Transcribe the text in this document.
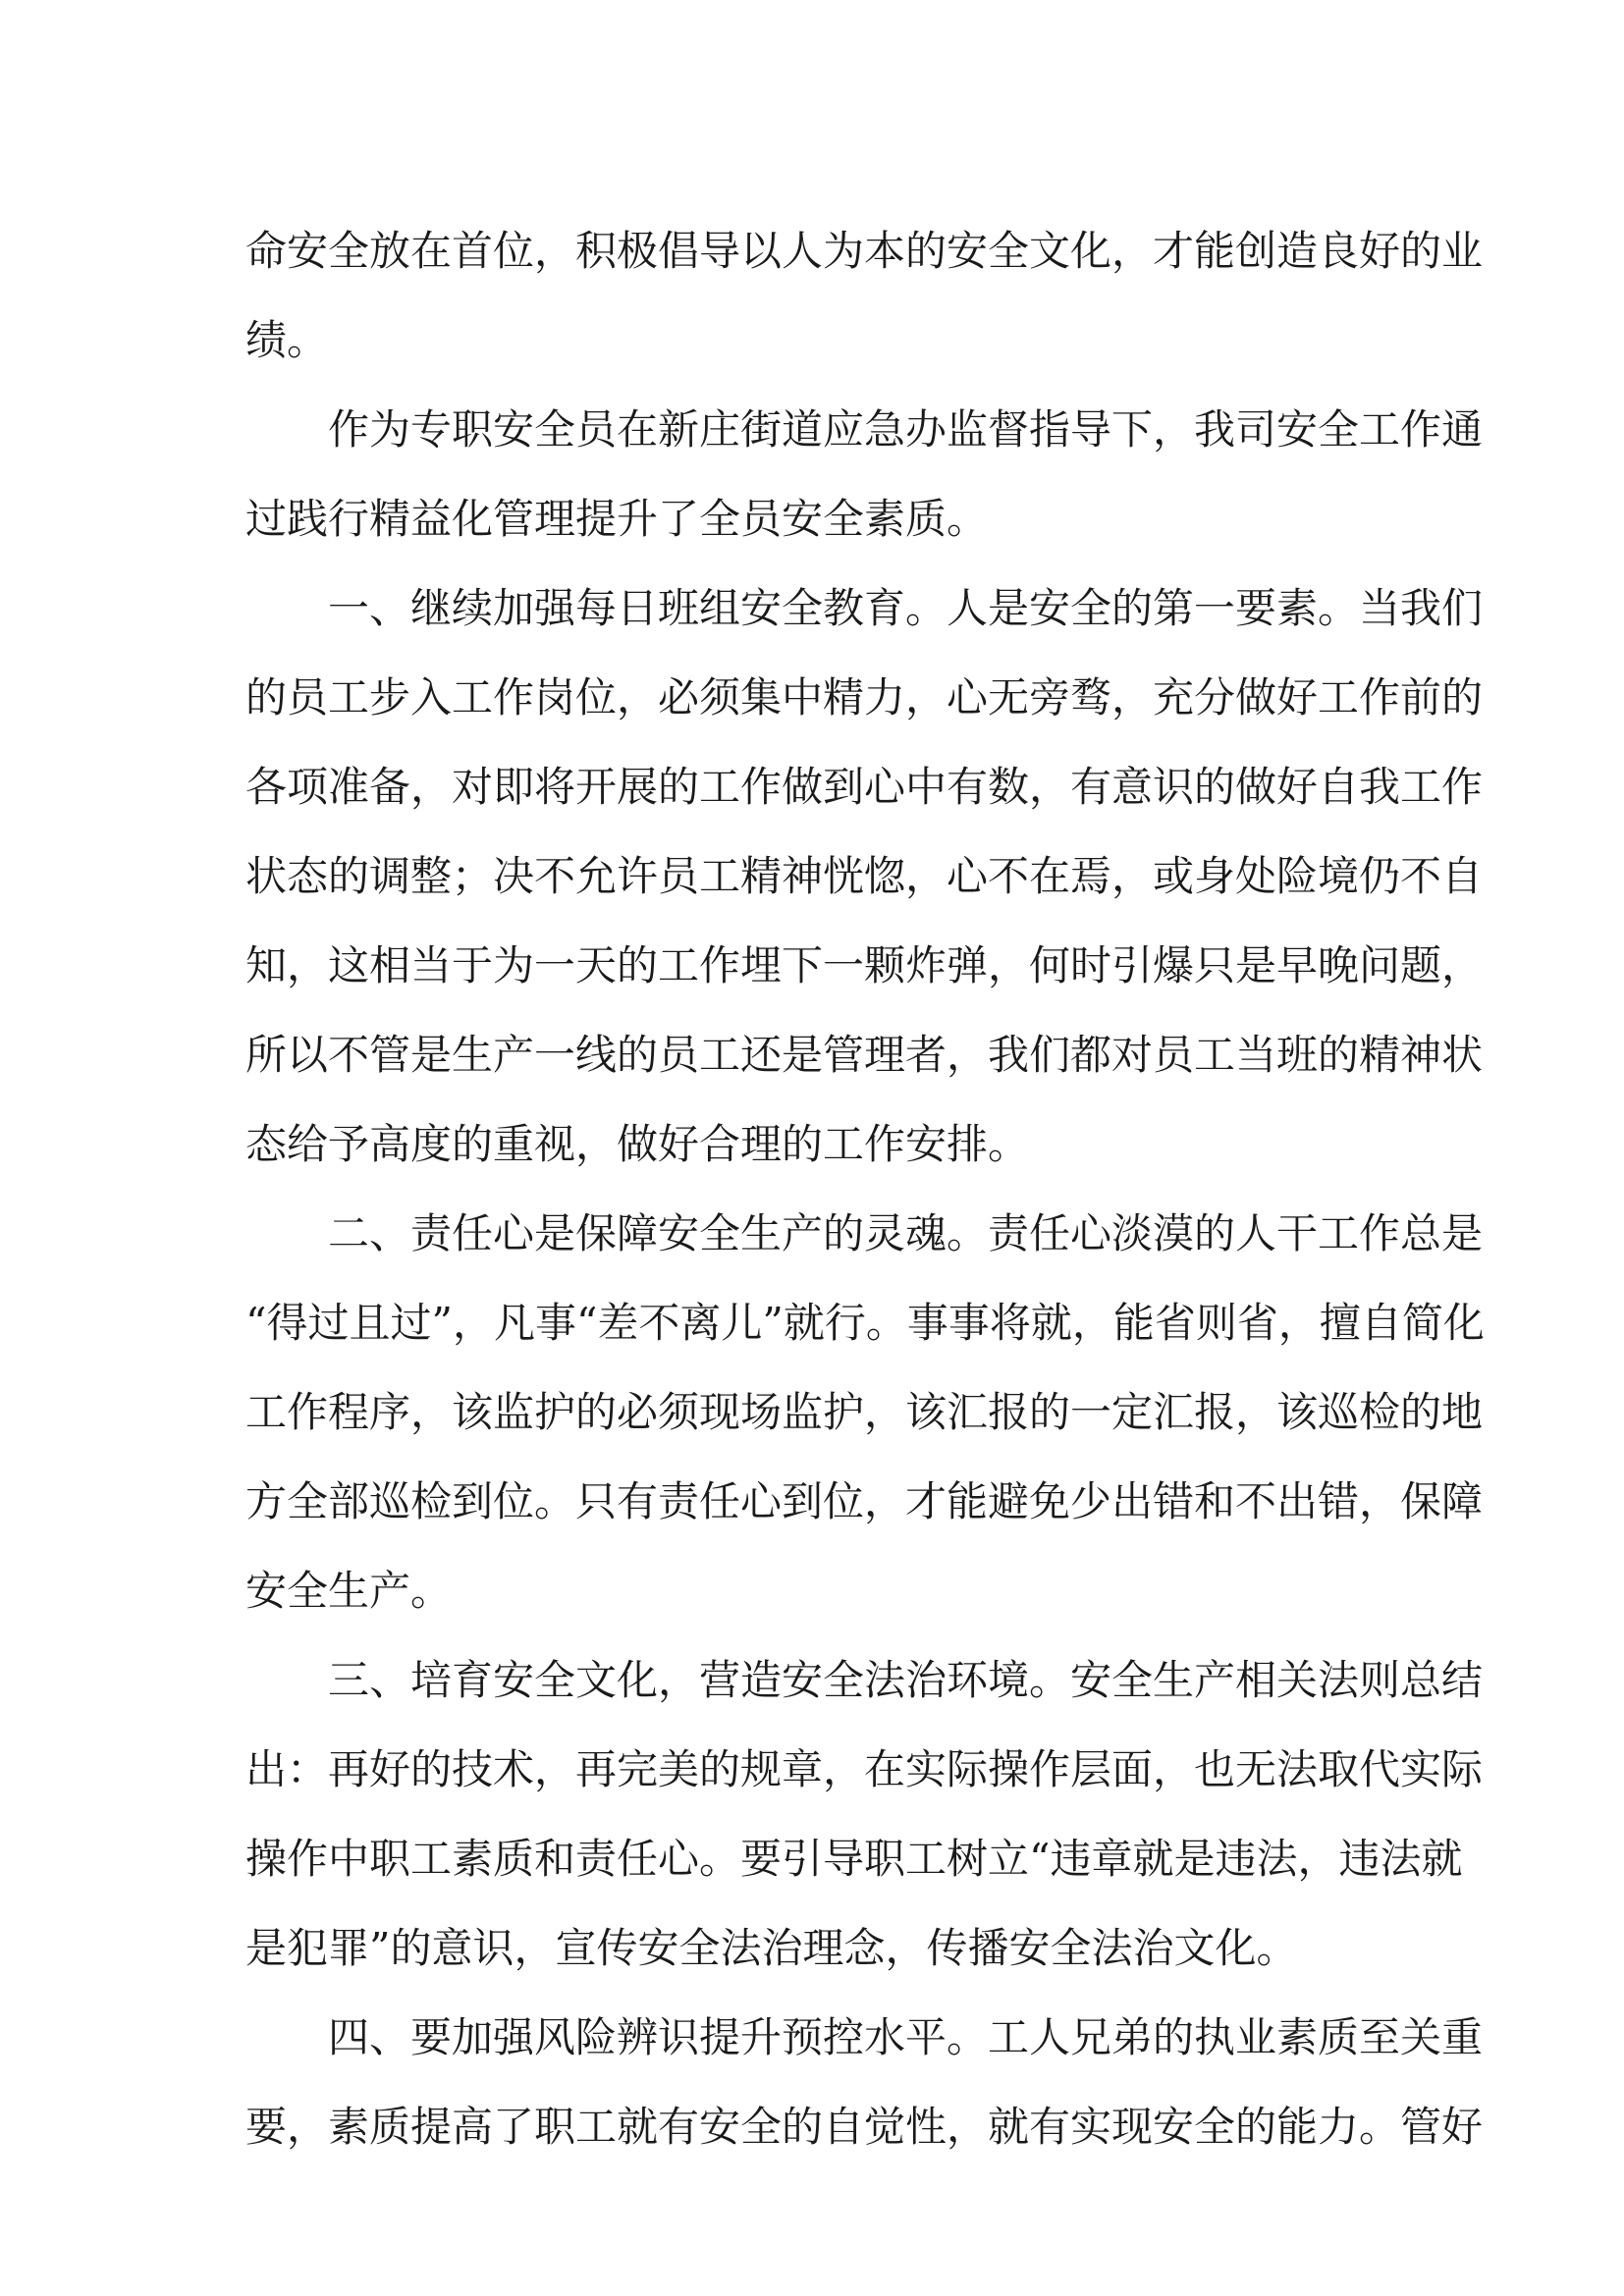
命安全放在首位，积极倡导以人为本的安全文化，才能创造良好的业
绩。
作为专职安全员在新庄街道应急办监督指导下，我司安全工作通
过践行精益化管理提升了全员安全素质。
一、继续加强每日班组安全教育。人是安全的第一要素。当我们
的员工步入工作岗位，必须集中精力，心无旁骛，充分做好工作前的
各项准备，对即将开展的工作做到心中有数，有意识的做好自我工作
状态的调整；决不允许员工精神恍惚，心不在焉，或身处险境仍不自
知，这相当于为一天的工作埋下一颗炸弹，何时引爆只是早晚问题，
所以不管是生产一线的员工还是管理者，我们都对员工当班的精神状
态给予高度的重视，做好合理的工作安排。
二、责任心是保障安全生产的灵魂。责任心淡漠的人干工作总是
“得过且过”，凡事“差不离儿”就行。事事将就，能省则省，擅自简化
工作程序，该监护的必须现场监护，该汇报的一定汇报，该巡检的地
方全部巡检到位。只有责任心到位，才能避免少出错和不出错，保障
安全生产。
三、培育安全文化，营造安全法治环境。安全生产相关法则总结
出：再好的技术，再完美的规章，在实际操作层面，也无法取代实际
操作中职工素质和责任心。要引导职工树立“违章就是违法，违法就
是犯罪”的意识，宣传安全法治理念，传播安全法治文化。
四、要加强风险辨识提升预控水平。工人兄弟的执业素质至关重
要，素质提高了职工就有安全的自觉性，就有实现安全的能力。管好
